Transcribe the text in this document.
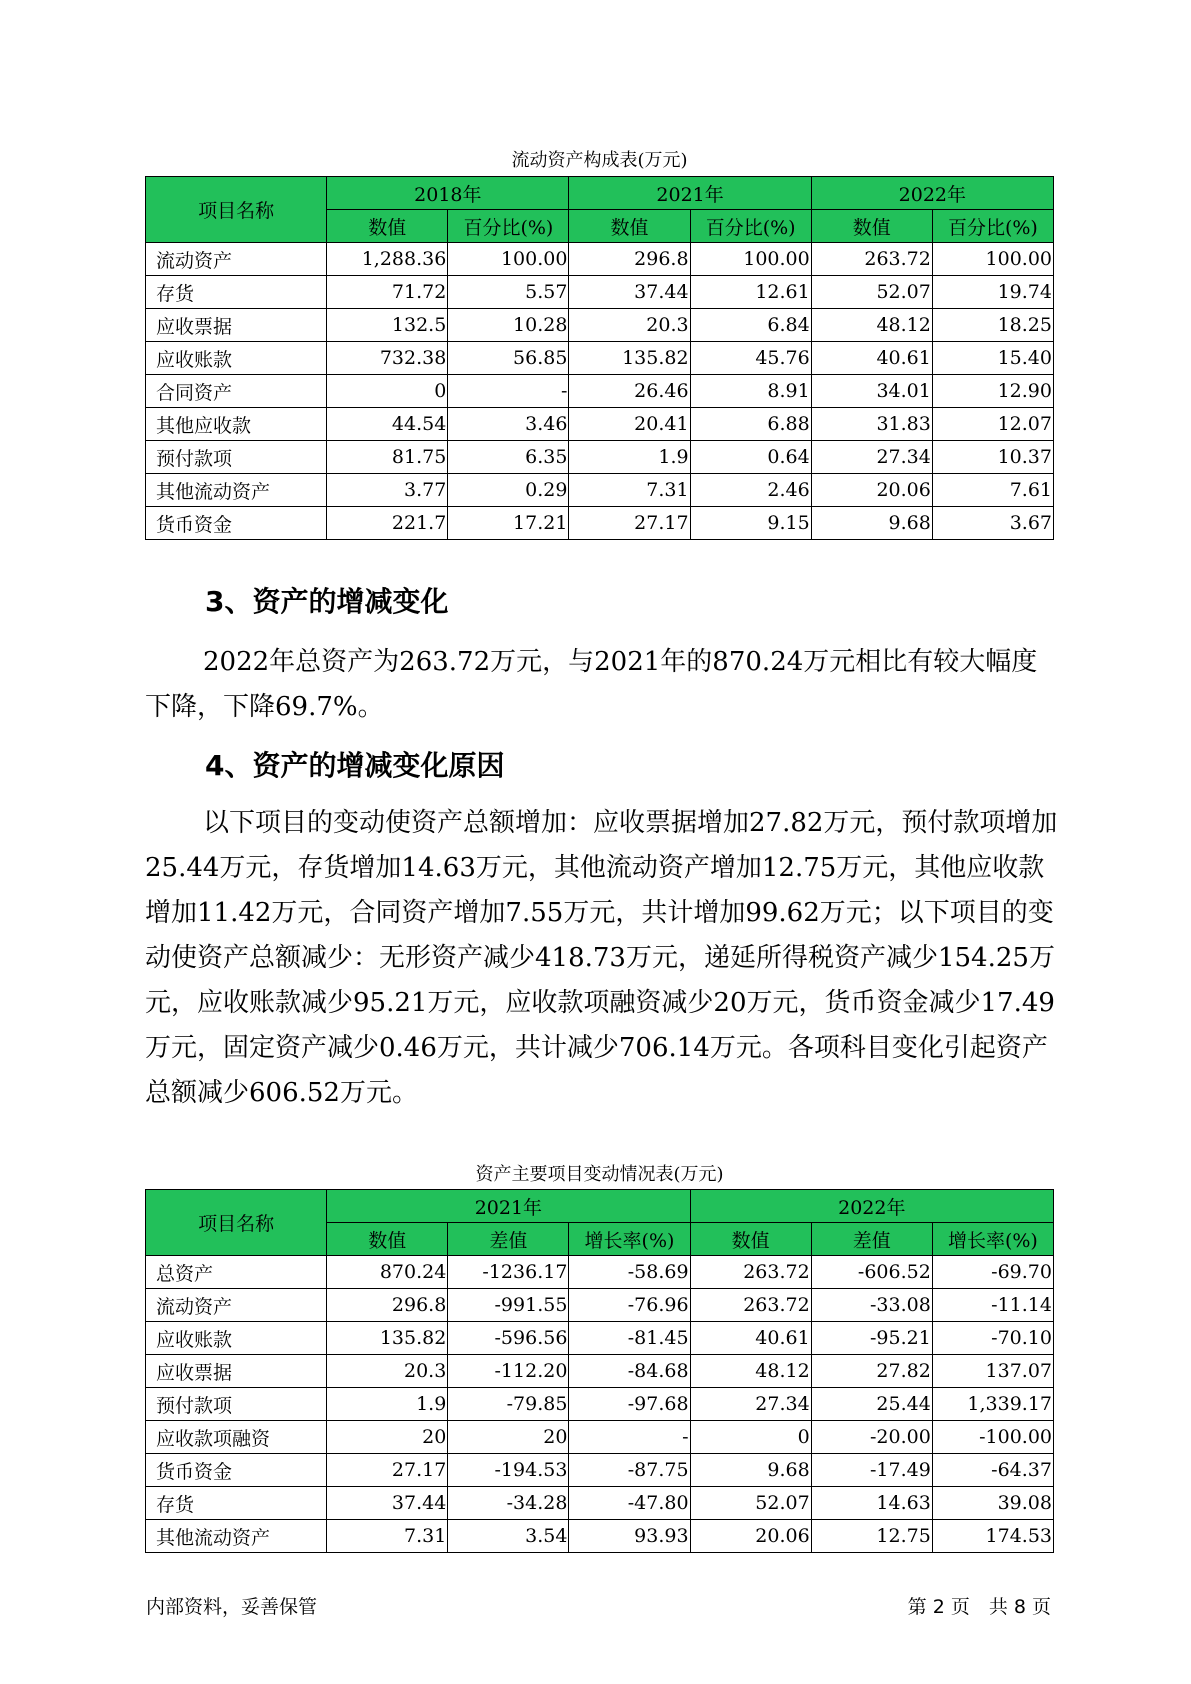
流动资产构成表(万元)
项目名称	2018年		2021年		2022年	
	数值	百分比(%)	数值	百分比(%)	数值	百分比(%)
流动资产	1,288.36	100.00	296.8	100.00	263.72	100.00
存货	71.72	5.57	37.44	12.61	52.07	19.74
应收票据	132.5	10.28	20.3	6.84	48.12	18.25
应收账款	732.38	56.85	135.82	45.76	40.61	15.40
合同资产	0	-	26.46	8.91	34.01	12.90
其他应收款	44.54	3.46	20.41	6.88	31.83	12.07
预付款项	81.75	6.35	1.9	0.64	27.34	10.37
其他流动资产	3.77	0.29	7.31	2.46	20.06	7.61
货币资金	221.7	17.21	27.17	9.15	9.68	3.67
3、资产的增减变化

2022年总资产为263.72万元，与2021年的870.24万元相比有较大幅度下降，下降69.7%。

4、资产的增减变化原因

以下项目的变动使资产总额增加：应收票据增加27.82万元，预付款项增加25.44万元，存货增加14.63万元，其他流动资产增加12.75万元，其他应收款增加11.42万元，合同资产增加7.55万元，共计增加99.62万元；以下项目的变动使资产总额减少：无形资产减少418.73万元，递延所得税资产减少154.25万元，应收账款减少95.21万元，应收款项融资减少20万元，货币资金减少17.49万元，固定资产减少0.46万元，共计减少706.14万元。各项科目变化引起资产总额减少606.52万元。

资产主要项目变动情况表(万元)
项目名称	2021年			2022年		
	数值	差值	增长率(%)	数值	差值	增长率(%)
总资产	870.24	-1236.17	-58.69	263.72	-606.52	-69.70
流动资产	296.8	-991.55	-76.96	263.72	-33.08	-11.14
应收账款	135.82	-596.56	-81.45	40.61	-95.21	-70.10
应收票据	20.3	-112.20	-84.68	48.12	27.82	137.07
预付款项	1.9	-79.85	-97.68	27.34	25.44	1,339.17
应收款项融资	20	20	-	0	-20.00	-100.00
货币资金	27.17	-194.53	-87.75	9.68	-17.49	-64.37
存货	37.44	-34.28	-47.80	52.07	14.63	39.08
其他流动资产	7.31	3.54	93.93	20.06	12.75	174.53
内部资料，妥善保管	第 2 页　共 8 页
